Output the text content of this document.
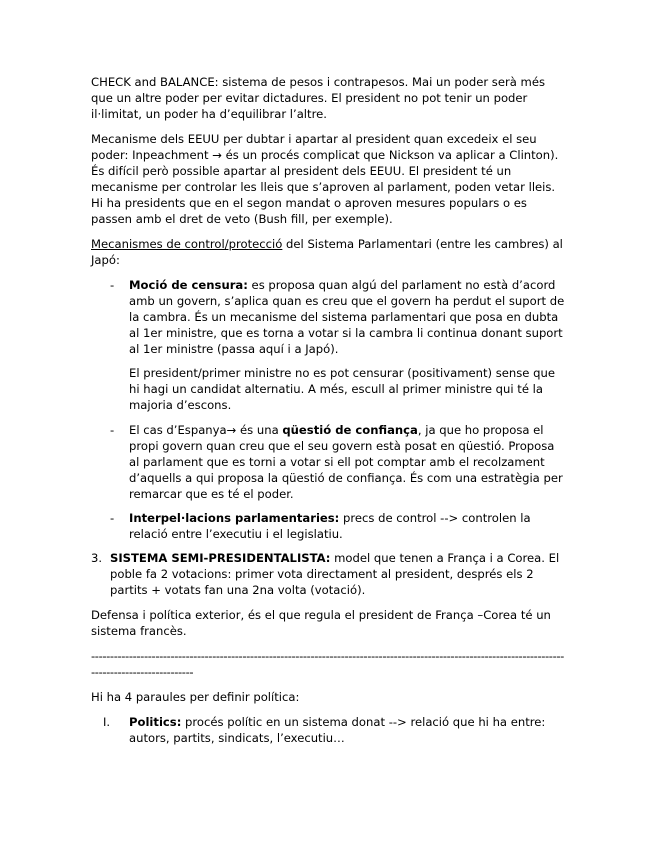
CHECK and BALANCE: sistema de pesos i contrapesos. Mai un poder serà més que un altre poder per evitar dictadures. El president no pot tenir un poder il·limitat, un poder ha d’equilibrar l’altre.

Mecanisme dels EEUU per dubtar i apartar al president quan excedeix el seu poder: Inpeachment → és un procés complicat que Nickson va aplicar a Clinton). És difícil però possible apartar al president dels EEUU. El president té un mecanisme per controlar les lleis que s’aproven al parlament, poden vetar lleis. Hi ha presidents que en el segon mandat o aproven mesures populars o es passen amb el dret de veto (Bush fill, per exemple).

Mecanismes de control/protecció del Sistema Parlamentari (entre les cambres) al Japó:

- Moció de censura: es proposa quan algú del parlament no està d’acord amb un govern, s’aplica quan es creu que el govern ha perdut el suport de la cambra. És un mecanisme del sistema parlamentari que posa en dubta al 1er ministre, que es torna a votar si la cambra li continua donant suport al 1er ministre (passa aquí i a Japó).

El president/primer ministre no es pot censurar (positivament) sense que hi hagi un candidat alternatiu. A més, escull al primer ministre qui té la majoria d’escons.

- El cas d’Espanya→ és una qüestió de confiança, ja que ho proposa el propi govern quan creu que el seu govern està posat en qüestió. Proposa al parlament que es torni a votar si ell pot comptar amb el recolzament d’aquells a qui proposa la qüestió de confiança. És com una estratègia per remarcar que es té el poder.

- Interpel·lacions parlamentaries: precs de control --> controlen la relació entre l’executiu i el legislatiu.

3. SISTEMA SEMI-PRESIDENTALISTA: model que tenen a França i a Corea. El poble fa 2 votacions: primer vota directament al president, després els 2 partits + votats fan una 2na volta (votació).

Defensa i política exterior, és el que regula el president de França –Corea té un sistema francès.

--------------------------------------------------------------------------------------------------------------------------------------------------------

Hi ha 4 paraules per definir política:

I. Politics: procés polític en un sistema donat --> relació que hi ha entre: autors, partits, sindicats, l’executiu…
